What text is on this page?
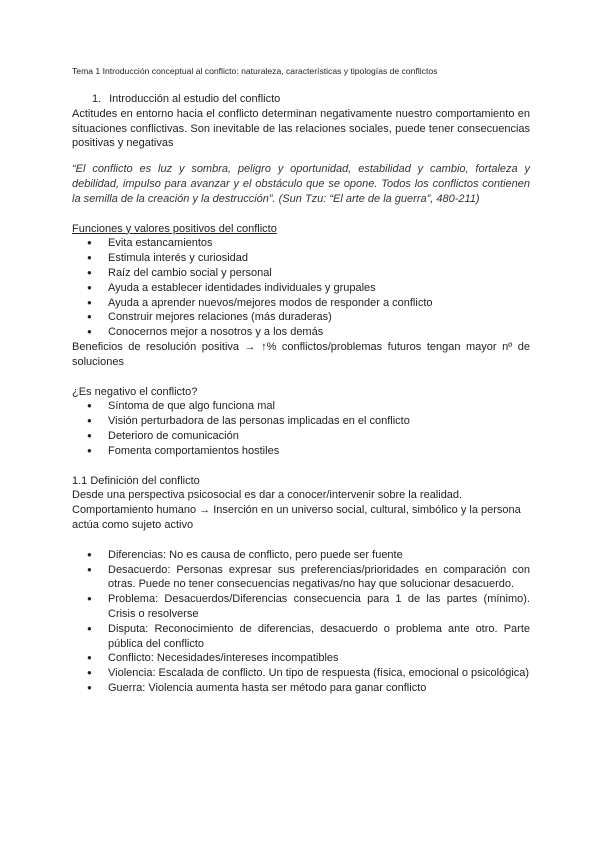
Tema 1 Introducción conceptual al conflicto: naturaleza, características y tipologías de conflictos
1. Introducción al estudio del conflicto

Actitudes en entorno hacia el conflicto determinan negativamente nuestro comportamiento en situaciones conflictivas. Son inevitable de las relaciones sociales, puede tener consecuencias positivas y negativas

“El conflicto es luz y sombra, peligro y oportunidad, estabilidad y cambio, fortaleza y debilidad, impulso para avanzar y el obstáculo que se opone. Todos los conflictos contienen la semilla de la creación y la destrucción”. (Sun Tzu: “El arte de la guerra”, 480-211)

Funciones y valores positivos del conflicto

● Evita estancamientos
● Estimula interés y curiosidad
● Raíz del cambio social y personal
● Ayuda a establecer identidades individuales y grupales
● Ayuda a aprender nuevos/mejores modos de responder a conflicto
● Construir mejores relaciones (más duraderas)
● Conocernos mejor a nosotros y a los demás

Beneficios de resolución positiva → ↑% conflictos/problemas futuros tengan mayor nº de soluciones

¿Es negativo el conflicto?

● Síntoma de que algo funciona mal
● Visión perturbadora de las personas implicadas en el conflicto
● Deterioro de comunicación
● Fomenta comportamientos hostiles

1.1 Definición del conflicto

Desde una perspectiva psicosocial es dar a conocer/intervenir sobre la realidad.

Comportamiento humano → Inserción en un universo social, cultural, simbólico y la persona actúa como sujeto activo

● Diferencias: No es causa de conflicto, pero puede ser fuente
● Desacuerdo: Personas expresar sus preferencias/prioridades en comparación con otras. Puede no tener consecuencias negativas/no hay que solucionar desacuerdo.
● Problema: Desacuerdos/Diferencias consecuencia para 1 de las partes (mínimo). Crisis o resolverse
● Disputa: Reconocimiento de diferencias, desacuerdo o problema ante otro. Parte pública del conflicto
● Conflicto: Necesidades/intereses incompatibles
● Violencia: Escalada de conflicto. Un tipo de respuesta (física, emocional o psicológica)
● Guerra: Violencia aumenta hasta ser método para ganar conflicto
